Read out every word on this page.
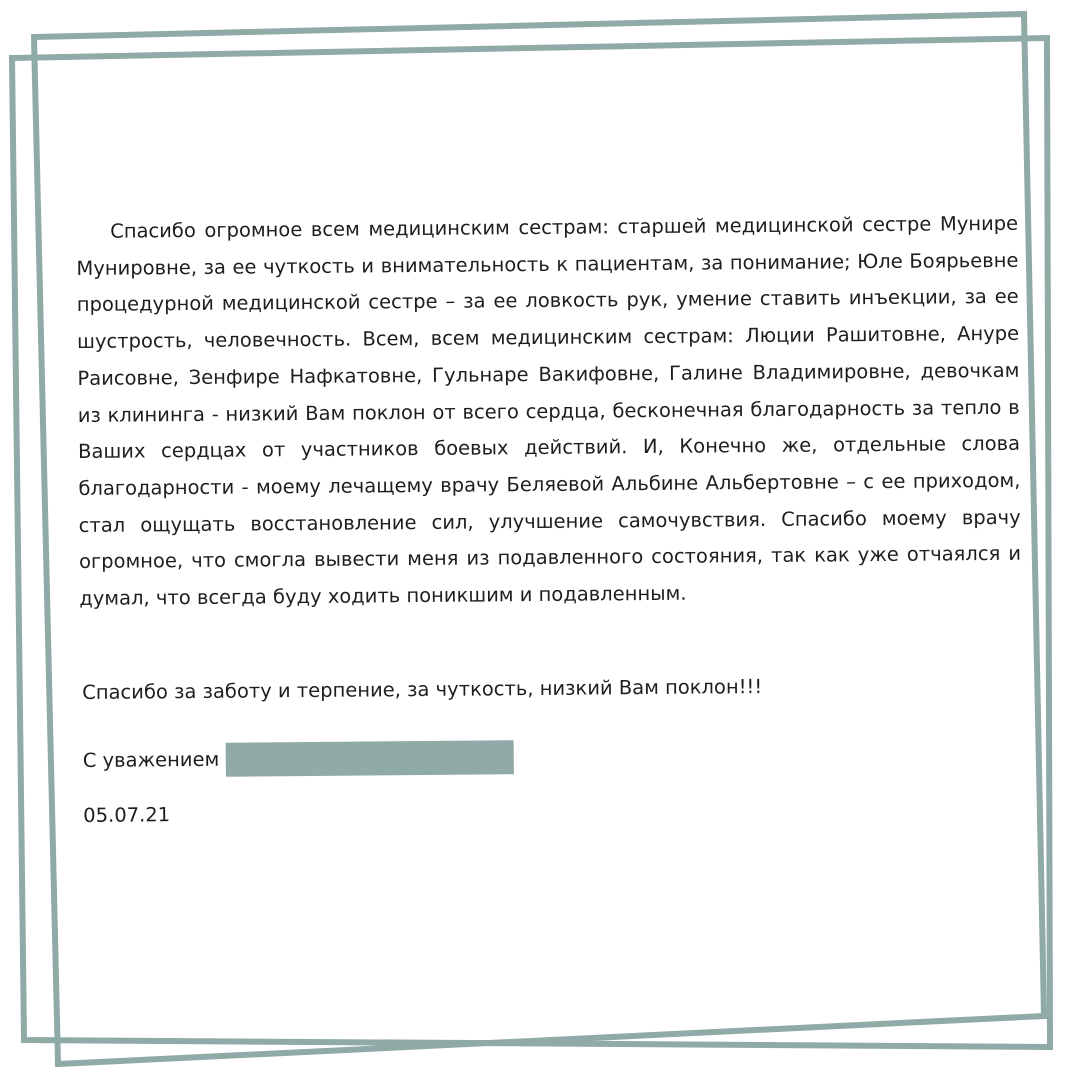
Спасибо огромное всем медицинским сестрам: старшей медицинской сестре Мунире Мунировне, за ее чуткость и внимательность к пациентам, за понимание; Юле Боярьевне процедурной медицинской сестре – за ее ловкость рук, умение ставить инъекции, за ее шустрость, человечность. Всем, всем медицинским сестрам: Люции Рашитовне, Ануре Раисовне, Зенфире Нафкатовне, Гульнаре Вакифовне, Галине Владимировне, девочкам из клининга - низкий Вам поклон от всего сердца, бесконечная благодарность за тепло в Ваших сердцах от участников боевых действий. И, Конечно же, отдельные слова благодарности - моему лечащему врачу Беляевой Альбине Альбертовне – с ее приходом, стал ощущать восстановление сил, улучшение самочувствия. Спасибо моему врачу огромное, что смогла вывести меня из подавленного состояния, так как уже отчаялся и думал, что всегда буду ходить поникшим и подавленным.

Спасибо за заботу и терпение, за чуткость, низкий Вам поклон!!!

С уважением

05.07.21
